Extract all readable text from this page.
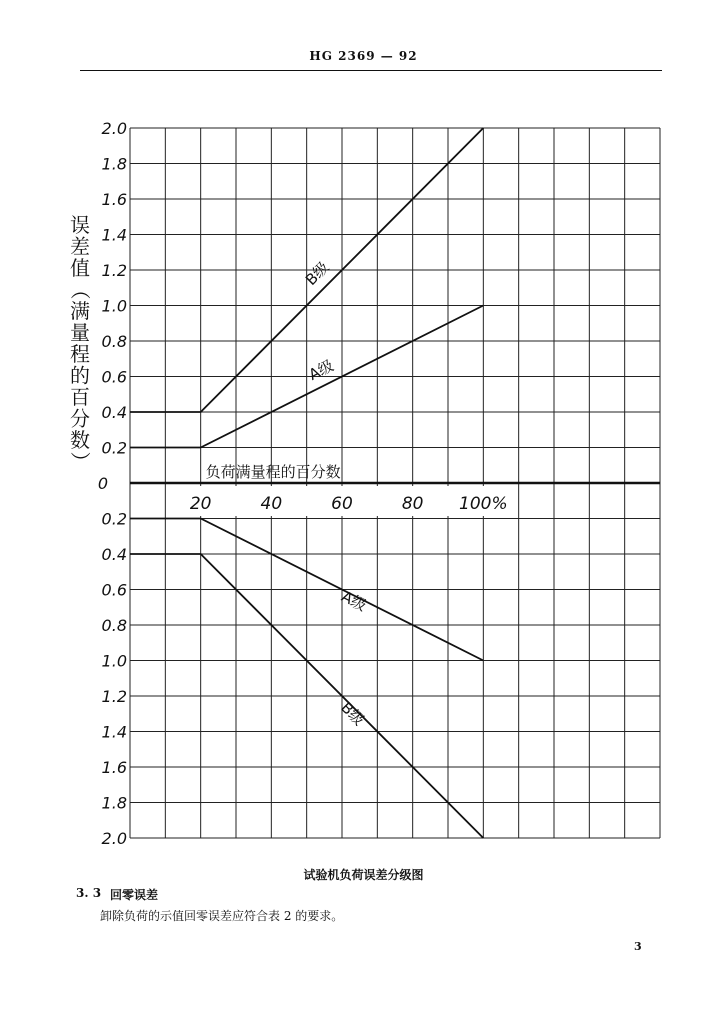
HG 2369 — 92
B级
A级
A级
B级
2.0
1.8
1.6
1.4
1.2
1.0
0.8
0.6
0.4
0.2
0
0.2
0.4
0.6
0.8
1.0
1.2
1.4
1.6
1.8
2.0
20	40	60	80 100%
负荷满量程的百分数
误
差
值
（
满
量
程
的
百
分
数
）
试验机负荷误差分级图
3. 3 回零误差
卸除负荷的示值回零误差应符合表 2 的要求。
3
